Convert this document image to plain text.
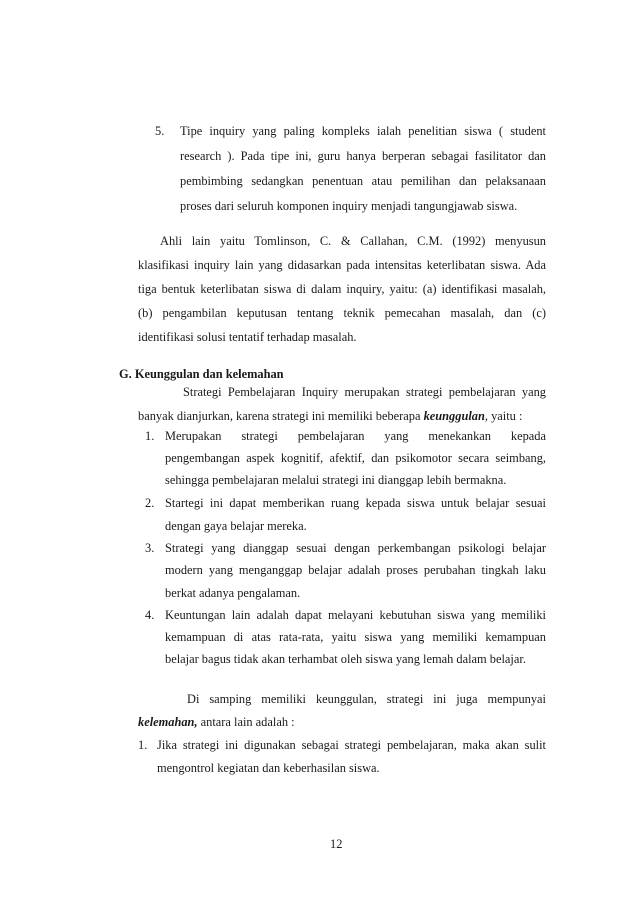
5. Tipe inquiry yang paling kompleks ialah penelitian siswa ( student
research ). Pada tipe ini, guru hanya berperan sebagai fasilitator dan
pembimbing sedangkan penentuan atau pemilihan dan pelaksanaan
proses dari seluruh komponen inquiry menjadi tangungjawab siswa.
Ahli lain yaitu Tomlinson, C. & Callahan, C.M. (1992) menyusun
klasifikasi inquiry lain yang didasarkan pada intensitas keterlibatan siswa. Ada
tiga bentuk keterlibatan siswa di dalam inquiry, yaitu: (a) identifikasi masalah,
(b) pengambilan keputusan tentang teknik pemecahan masalah, dan (c)
identifikasi solusi tentatif terhadap masalah.
G. Keunggulan dan kelemahan
Strategi Pembelajaran Inquiry merupakan strategi pembelajaran yang
banyak dianjurkan, karena strategi ini memiliki beberapa keunggulan, yaitu :
1. Merupakan strategi pembelajaran yang menekankan kepada
pengembangan aspek kognitif, afektif, dan psikomotor secara seimbang,
sehingga pembelajaran melalui strategi ini dianggap lebih bermakna.
2. Startegi ini dapat memberikan ruang kepada siswa untuk belajar sesuai
dengan gaya belajar mereka.
3. Strategi yang dianggap sesuai dengan perkembangan psikologi belajar
modern yang menganggap belajar adalah proses perubahan tingkah laku
berkat adanya pengalaman.
4. Keuntungan lain adalah dapat melayani kebutuhan siswa yang memiliki
kemampuan di atas rata-rata, yaitu siswa yang memiliki kemampuan
belajar bagus tidak akan terhambat oleh siswa yang lemah dalam belajar.
Di samping memiliki keunggulan, strategi ini juga mempunyai
kelemahan, antara lain adalah :
1. Jika strategi ini digunakan sebagai strategi pembelajaran, maka akan sulit
mengontrol kegiatan dan keberhasilan siswa.
12
